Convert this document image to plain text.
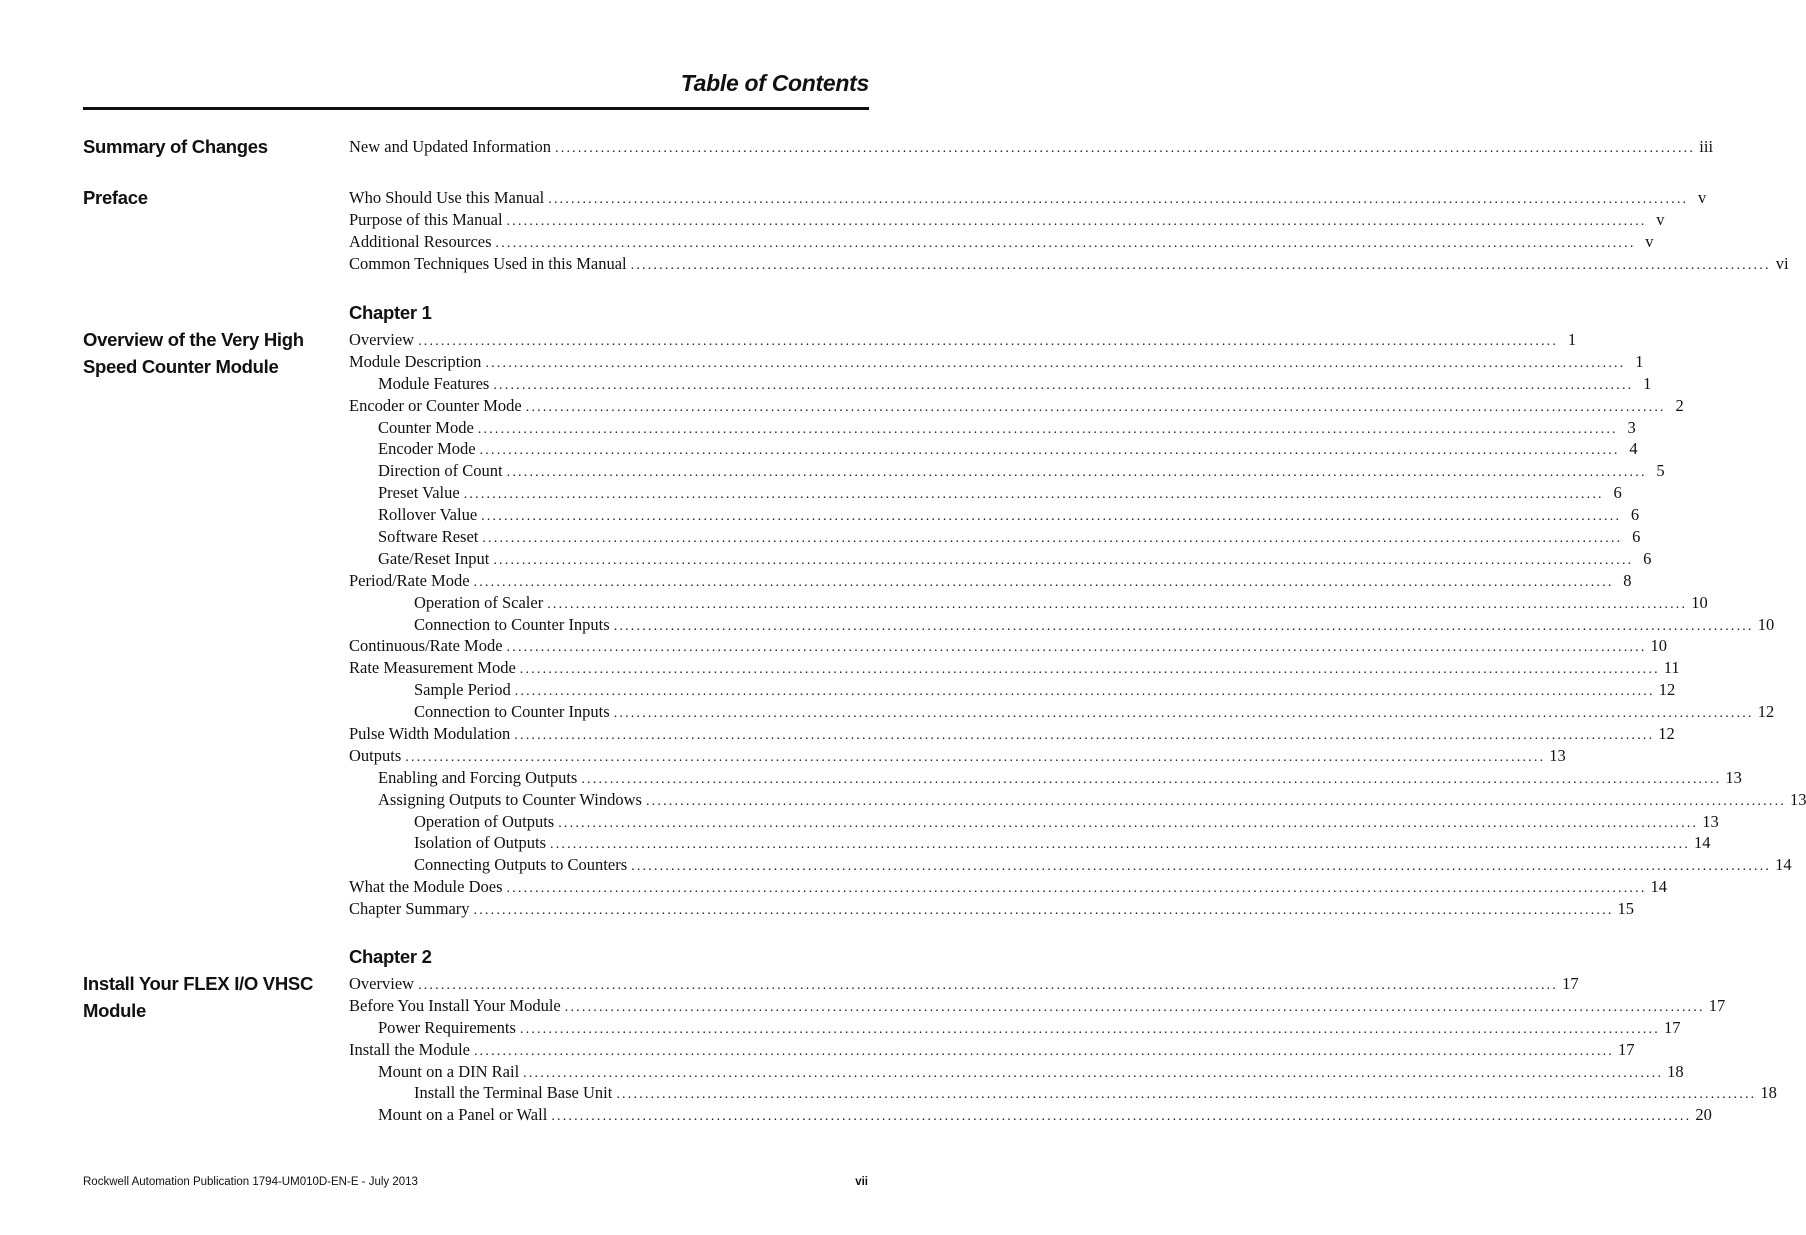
Table of Contents
Summary of Changes	New and Updated Information ........................................................................................................................................................................................................ iii
Preface	Who Should Use this Manual ........................................................................................................................................................................................................ v
Purpose of this Manual ........................................................................................................................................................................................................ v
Additional Resources ........................................................................................................................................................................................................ v
Common Techniques Used in this Manual ........................................................................................................................................................................................................ vi
Chapter 1
Overview of the Very High Speed Counter Module
Overview ........................................................................................................................................................................................................ 1
Module Description ........................................................................................................................................................................................................ 1
Module Features ........................................................................................................................................................................................................ 1
Encoder or Counter Mode ........................................................................................................................................................................................................ 2
Counter Mode ........................................................................................................................................................................................................ 3
Encoder Mode ........................................................................................................................................................................................................ 4
Direction of Count ........................................................................................................................................................................................................ 5
Preset Value ........................................................................................................................................................................................................ 6
Rollover Value ........................................................................................................................................................................................................ 6
Software Reset ........................................................................................................................................................................................................ 6
Gate/Reset Input ........................................................................................................................................................................................................ 6
Period/Rate Mode ........................................................................................................................................................................................................ 8
Operation of Scaler ........................................................................................................................................................................................................ 10
Connection to Counter Inputs ........................................................................................................................................................................................................ 10
Continuous/Rate Mode ........................................................................................................................................................................................................ 10
Rate Measurement Mode ........................................................................................................................................................................................................ 11
Sample Period ........................................................................................................................................................................................................ 12
Connection to Counter Inputs ........................................................................................................................................................................................................ 12
Pulse Width Modulation ........................................................................................................................................................................................................ 12
Outputs ........................................................................................................................................................................................................ 13
Enabling and Forcing Outputs ........................................................................................................................................................................................................ 13
Assigning Outputs to Counter Windows ........................................................................................................................................................................................................ 13
Operation of Outputs ........................................................................................................................................................................................................ 13
Isolation of Outputs ........................................................................................................................................................................................................ 14
Connecting Outputs to Counters ........................................................................................................................................................................................................ 14
What the Module Does ........................................................................................................................................................................................................ 14
Chapter Summary ........................................................................................................................................................................................................ 15
Chapter 2
Install Your FLEX I/O VHSC Module
Overview ........................................................................................................................................................................................................ 17
Before You Install Your Module ........................................................................................................................................................................................................ 17
Power Requirements ........................................................................................................................................................................................................ 17
Install the Module ........................................................................................................................................................................................................ 17
Mount on a DIN Rail ........................................................................................................................................................................................................ 18
Install the Terminal Base Unit ........................................................................................................................................................................................................ 18
Mount on a Panel or Wall ........................................................................................................................................................................................................ 20
Rockwell Automation Publication 1794-UM010D-EN-E - July 2013	vii
